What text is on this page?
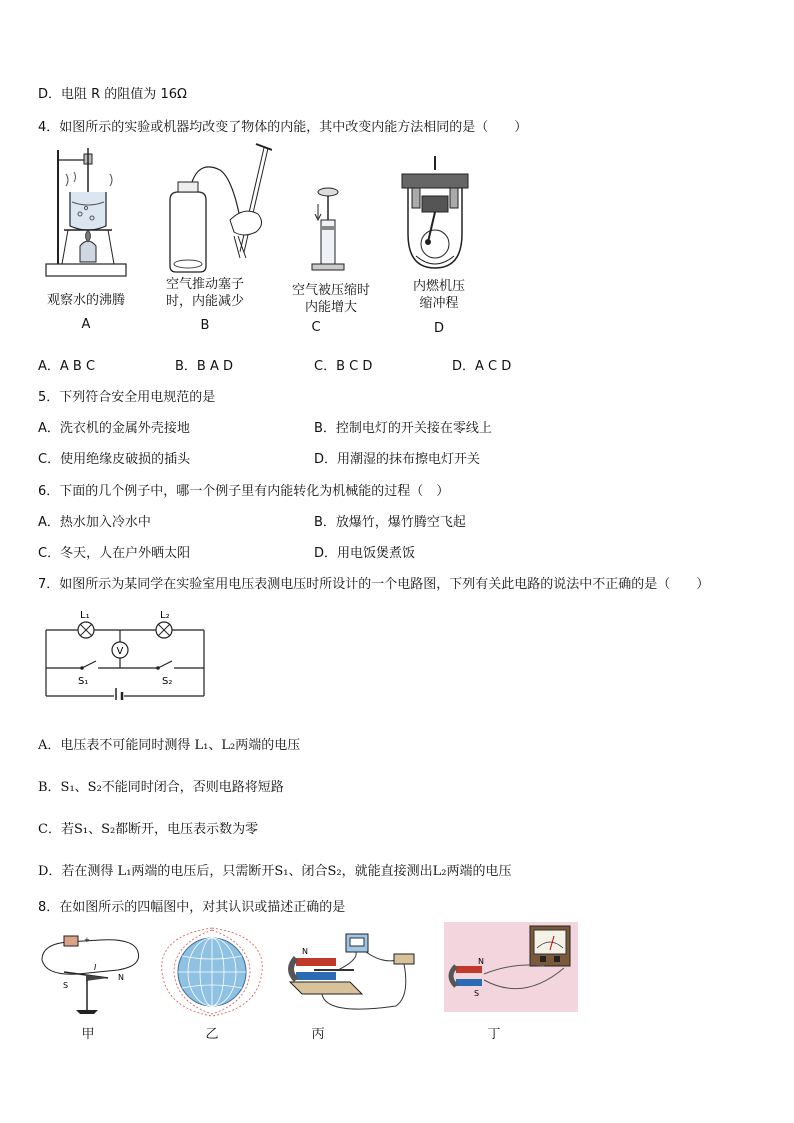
D．电阻 R 的阻值为 16Ω
4．如图所示的实验或机器均改变了物体的内能，其中改变内能方法相同的是（　　）
观察水的沸腾
A
空气推动塞子
时，内能减少
B
空气被压缩时
内能增大
C
内燃机压
缩冲程
D
A．A B C	B．B A D	C．B C D	D．A C D
5．下列符合安全用电规范的是
A．洗衣机的金属外壳接地	B．控制电灯的开关接在零线上
C．使用绝缘皮破损的插头	D．用潮湿的抹布擦电灯开关
6．下面的几个例子中，哪一个例子里有内能转化为机械能的过程（　）
A．热水加入冷水中	B．放爆竹，爆竹腾空飞起
C．冬天，人在户外晒太阳	D．用电饭煲煮饭
7．如图所示为某同学在实验室用电压表测电压时所设计的一个电路图，下列有关此电路的说法中不正确的是（　　）
L₁	L₂
V
S₁	S₂
A．电压表不可能同时测得 L₁、L₂两端的电压
B．S₁、S₂不能同时闭合，否则电路将短路
C．若S₁、S₂都断开，电压表示数为零
D．若在测得 L₁两端的电压后，只需断开S₁、闭合S₂，就能直接测出L₂两端的电压
8．在如图所示的四幅图中，对其认识或描述正确的是
+
S
N
I
N
N
S
甲	乙	丙	丁
